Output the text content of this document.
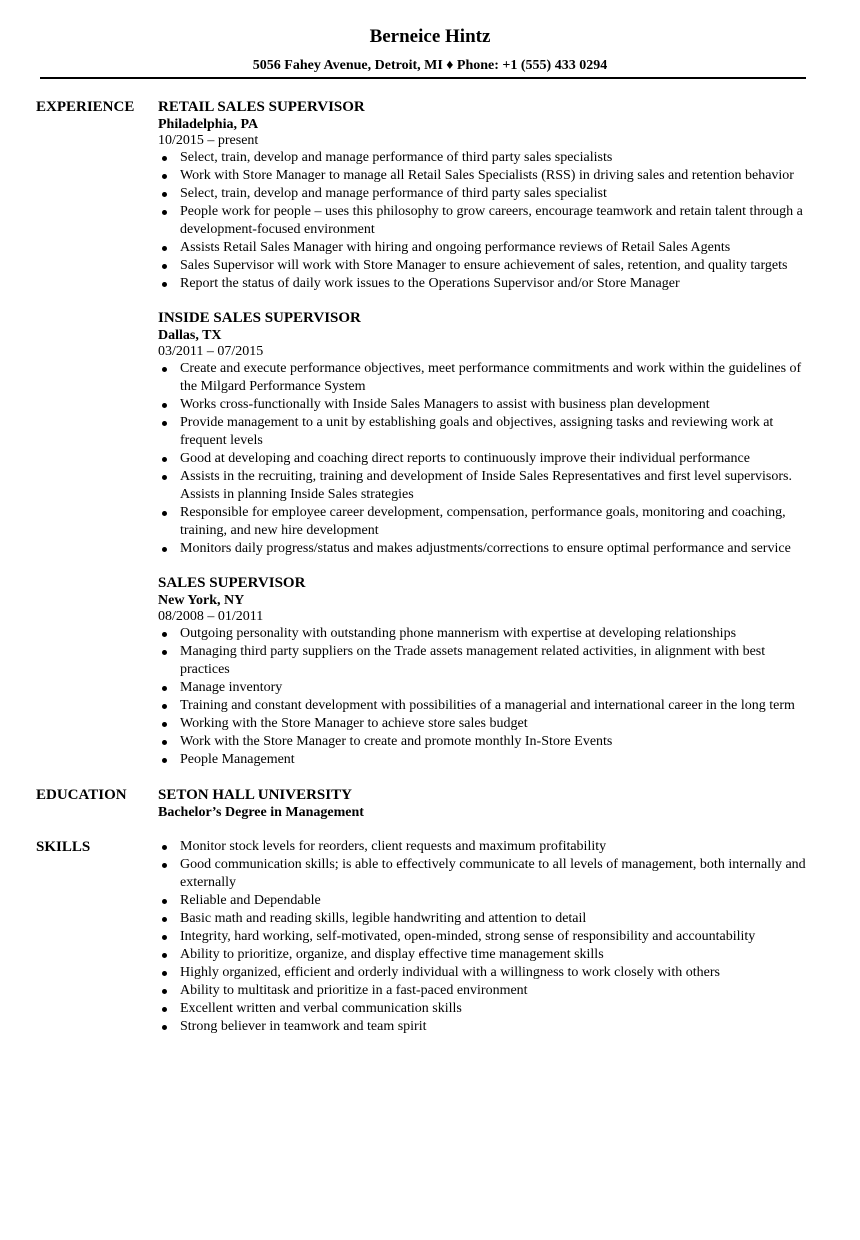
Berneice Hintz
5056 Fahey Avenue, Detroit, MI ♦ Phone: +1 (555) 433 0294
EXPERIENCE RETAIL SALES SUPERVISOR
Philadelphia, PA
10/2015 – present
Select, train, develop and manage performance of third party sales specialists
Work with Store Manager to manage all Retail Sales Specialists (RSS) in driving sales and retention behavior
Select, train, develop and manage performance of third party sales specialist
People work for people – uses this philosophy to grow careers, encourage teamwork and retain talent through a development-focused environment
Assists Retail Sales Manager with hiring and ongoing performance reviews of Retail Sales Agents
Sales Supervisor will work with Store Manager to ensure achievement of sales, retention, and quality targets
Report the status of daily work issues to the Operations Supervisor and/or Store Manager
INSIDE SALES SUPERVISOR
Dallas, TX
03/2011 – 07/2015
Create and execute performance objectives, meet performance commitments and work within the guidelines of the Milgard Performance System
Works cross-functionally with Inside Sales Managers to assist with business plan development
Provide management to a unit by establishing goals and objectives, assigning tasks and reviewing work at frequent levels
Good at developing and coaching direct reports to continuously improve their individual performance
Assists in the recruiting, training and development of Inside Sales Representatives and first level supervisors. Assists in planning Inside Sales strategies
Responsible for employee career development, compensation, performance goals, monitoring and coaching, training, and new hire development
Monitors daily progress/status and makes adjustments/corrections to ensure optimal performance and service
SALES SUPERVISOR
New York, NY
08/2008 – 01/2011
Outgoing personality with outstanding phone mannerism with expertise at developing relationships
Managing third party suppliers on the Trade assets management related activities, in alignment with best practices
Manage inventory
Training and constant development with possibilities of a managerial and international career in the long term
Working with the Store Manager to achieve store sales budget
Work with the Store Manager to create and promote monthly In-Store Events
People Management
EDUCATION SETON HALL UNIVERSITY
Bachelor’s Degree in Management
SKILLS	Monitor stock levels for reorders, client requests and maximum profitability
Good communication skills; is able to effectively communicate to all levels of management, both internally and externally
Reliable and Dependable
Basic math and reading skills, legible handwriting and attention to detail
Integrity, hard working, self-motivated, open-minded, strong sense of responsibility and accountability
Ability to prioritize, organize, and display effective time management skills
Highly organized, efficient and orderly individual with a willingness to work closely with others
Ability to multitask and prioritize in a fast-paced environment
Excellent written and verbal communication skills
Strong believer in teamwork and team spirit
